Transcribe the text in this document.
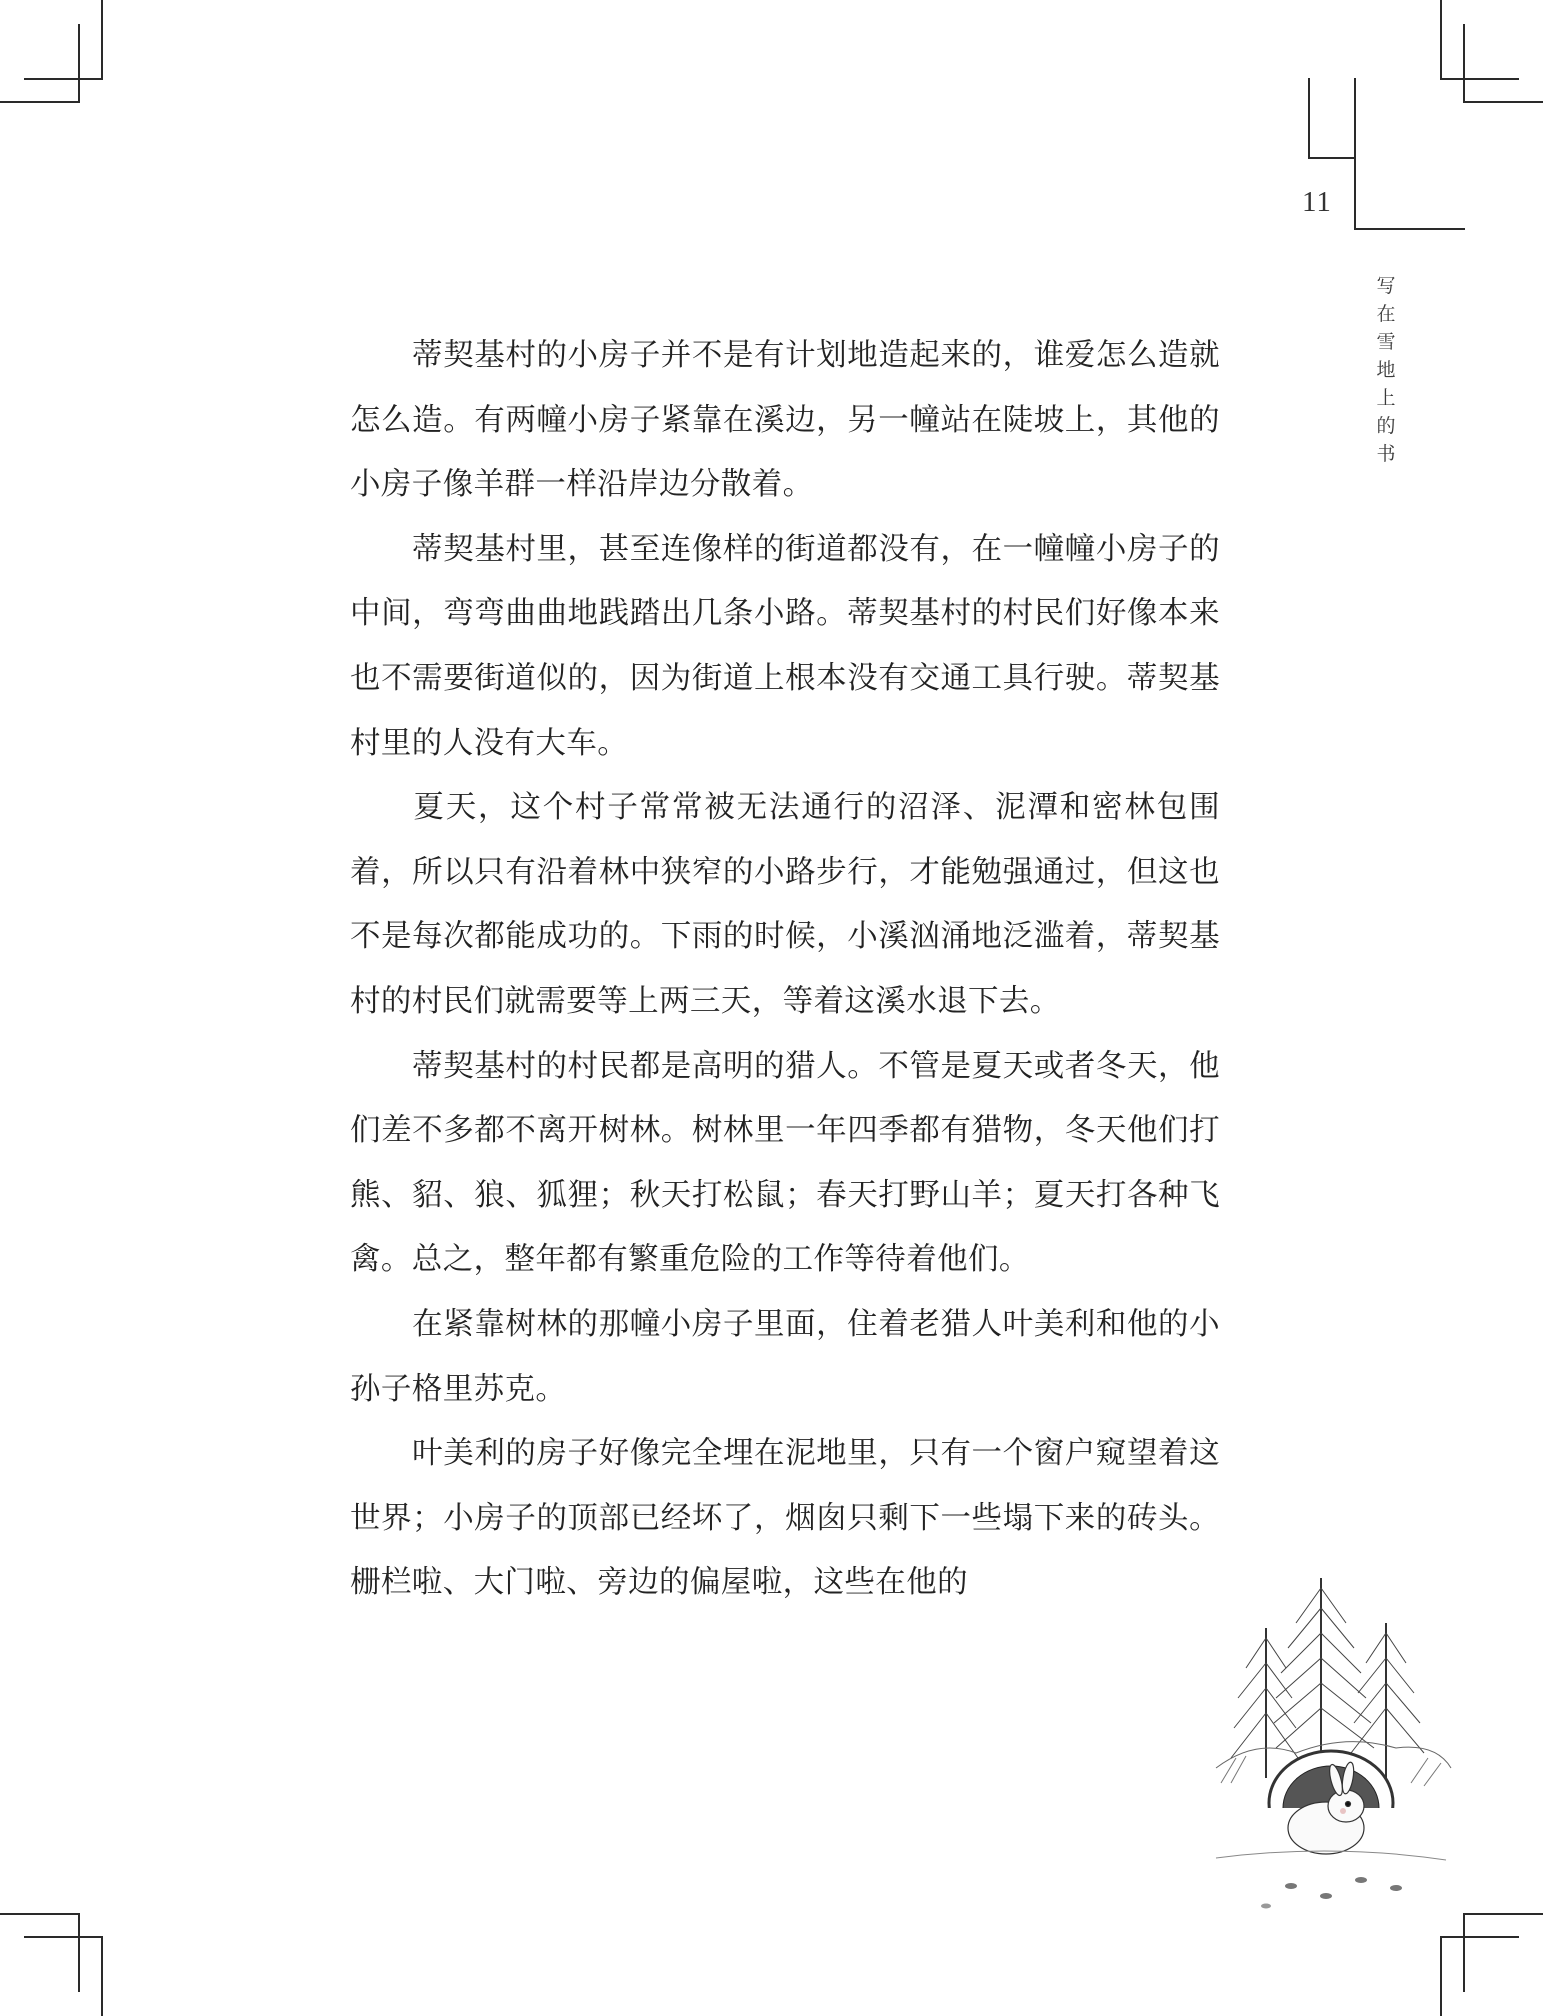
11
写
在
雪
地
上
的
书

蒂契基村的小房子并不是有计划地造起来的，谁爱怎么造就怎么造。有两幢小房子紧靠在溪边，另一幢站在陡坡上，其他的小房子像羊群一样沿岸边分散着。

蒂契基村里，甚至连像样的街道都没有，在一幢幢小房子的中间，弯弯曲曲地践踏出几条小路。蒂契基村的村民们好像本来也不需要街道似的，因为街道上根本没有交通工具行驶。蒂契基村里的人没有大车。

夏天，这个村子常常被无法通行的沼泽、泥潭和密林包围着，所以只有沿着林中狭窄的小路步行，才能勉强通过，但这也不是每次都能成功的。下雨的时候，小溪汹涌地泛滥着，蒂契基村的村民们就需要等上两三天，等着这溪水退下去。

蒂契基村的村民都是高明的猎人。不管是夏天或者冬天，他们差不多都不离开树林。树林里一年四季都有猎物，冬天他们打熊、貂、狼、狐狸；秋天打松鼠；春天打野山羊；夏天打各种飞禽。总之，整年都有繁重危险的工作等待着他们。

在紧靠树林的那幢小房子里面，住着老猎人叶美利和他的小孙子格里苏克。

叶美利的房子好像完全埋在泥地里，只有一个窗户窥望着这世界；小房子的顶部已经坏了，烟囱只剩下一些塌下来的砖头。栅栏啦、大门啦、旁边的偏屋啦，这些在他的
